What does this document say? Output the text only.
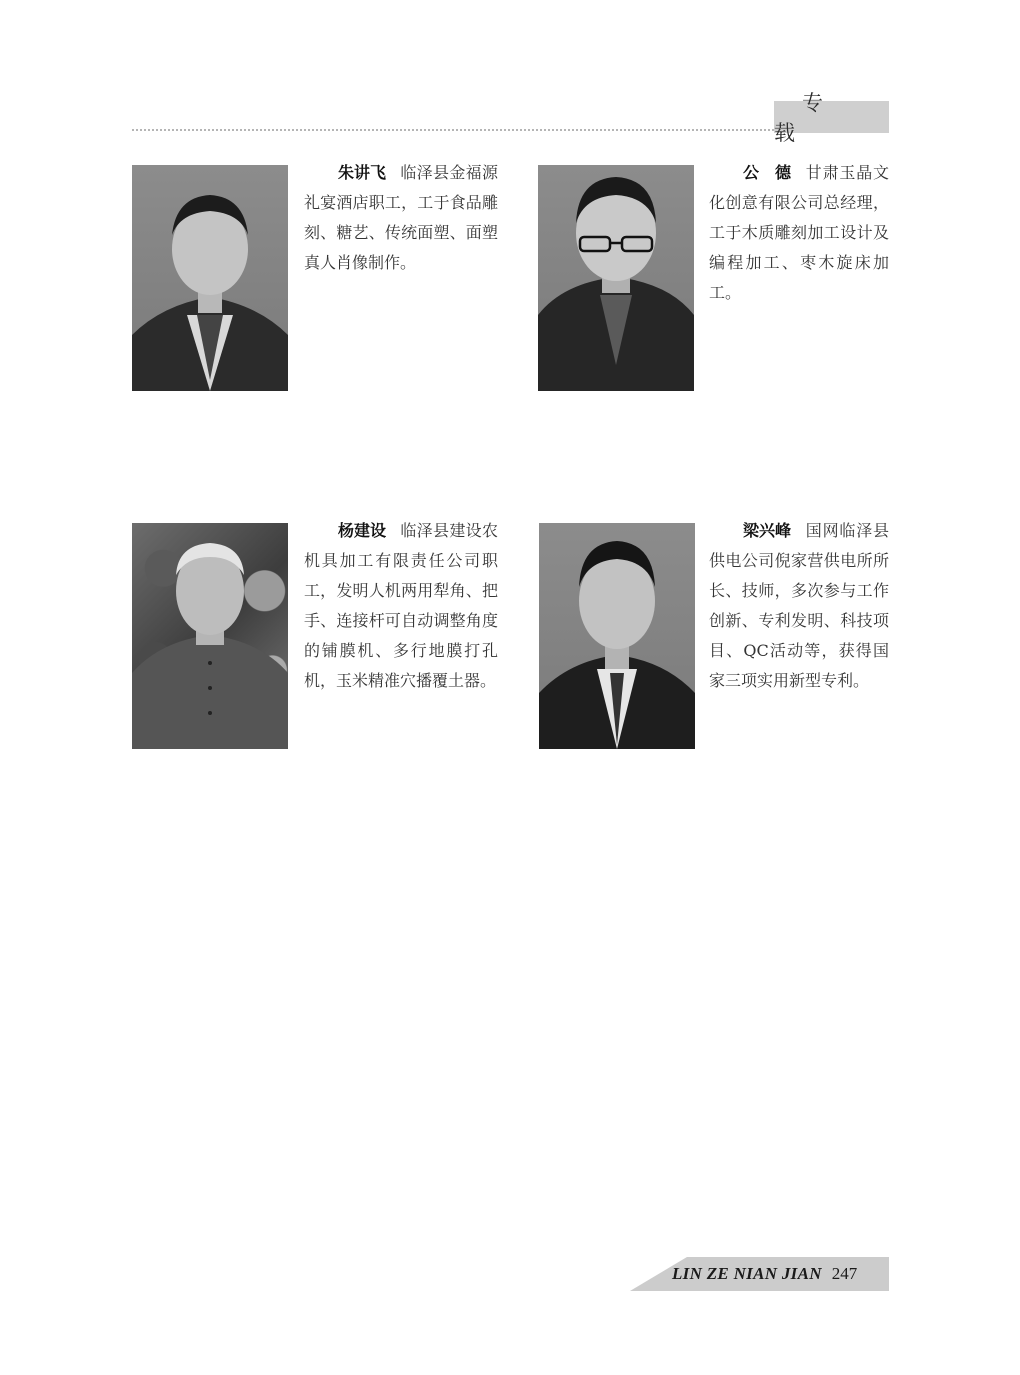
专载
朱讲飞 临泽县金福源礼宴酒店职工，工于食品雕刻、糖艺、传统面塑、面塑真人肖像制作。
公　德 甘肃玉晶文化创意有限公司总经理，工于木质雕刻加工设计及编程加工、枣木旋床加工。
杨建设 临泽县建设农机具加工有限责任公司职工，发明人机两用犁角、把手、连接杆可自动调整角度的铺膜机、多行地膜打孔机，玉米精准穴播覆土器。
梁兴峰 国网临泽县供电公司倪家营供电所所长、技师，多次参与工作创新、专利发明、科技项目、QC活动等，获得国家三项实用新型专利。
LIN ZE NIAN JIAN 247
